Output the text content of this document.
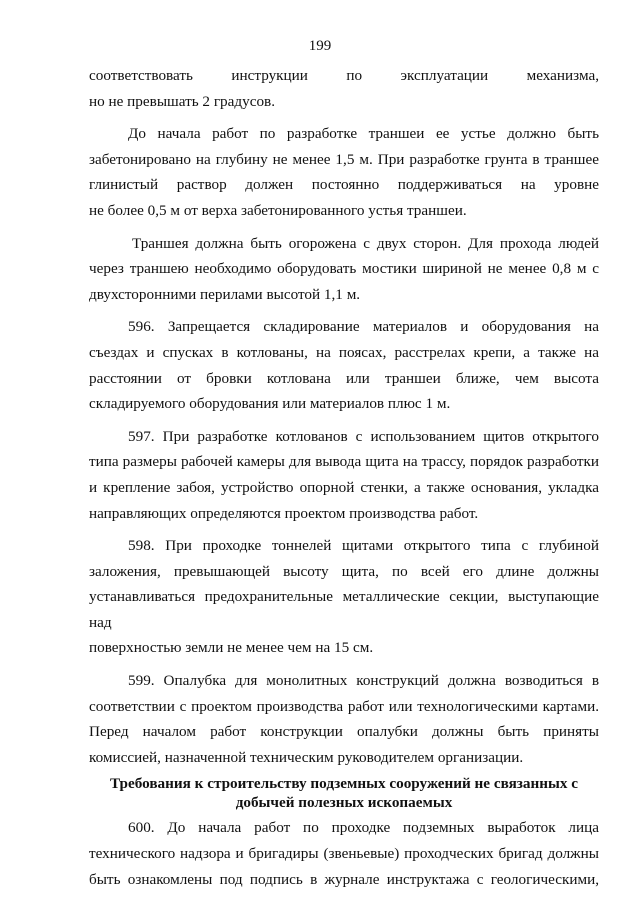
199

соответствовать инструкции по эксплуатации механизма,
но не превышать 2 градусов.

До начала работ по разработке траншеи ее устье должно быть
забетонировано на глубину не менее 1,5 м. При разработке грунта в траншее
глинистый раствор должен постоянно поддерживаться на уровне
не более 0,5 м от верха забетонированного устья траншеи.

Траншея должна быть огорожена с двух сторон. Для прохода людей
через траншею необходимо оборудовать мостики шириной не менее 0,8 м с
двухсторонними перилами высотой 1,1 м.

596. Запрещается складирование материалов и оборудования на
съездах и спусках в котлованы, на поясах, расстрелах крепи, а также на
расстоянии от бровки котлована или траншеи ближе, чем высота
складируемого оборудования или материалов плюс 1 м.

597. При разработке котлованов с использованием щитов открытого
типа размеры рабочей камеры для вывода щита на трассу, порядок разработки
и крепление забоя, устройство опорной стенки, а также основания, укладка
направляющих определяются проектом производства работ.

598. При проходке тоннелей щитами открытого типа с глубиной
заложения, превышающей высоту щита, по всей его длине должны
устанавливаться предохранительные металлические секции, выступающие над
поверхностью земли не менее чем на 15 см.

599. Опалубка для монолитных конструкций должна возводиться в
соответствии с проектом производства работ или технологическими картами.
Перед началом работ конструкции опалубки должны быть приняты
комиссией, назначенной техническим руководителем организации.

Требования к строительству подземных сооружений не связанных с
добычей полезных ископаемых

600. До начала работ по проходке подземных выработок лица
технического надзора и бригадиры (звеньевые) проходческих бригад должны
быть ознакомлены под подпись в журнале инструктажа с геологическими,
